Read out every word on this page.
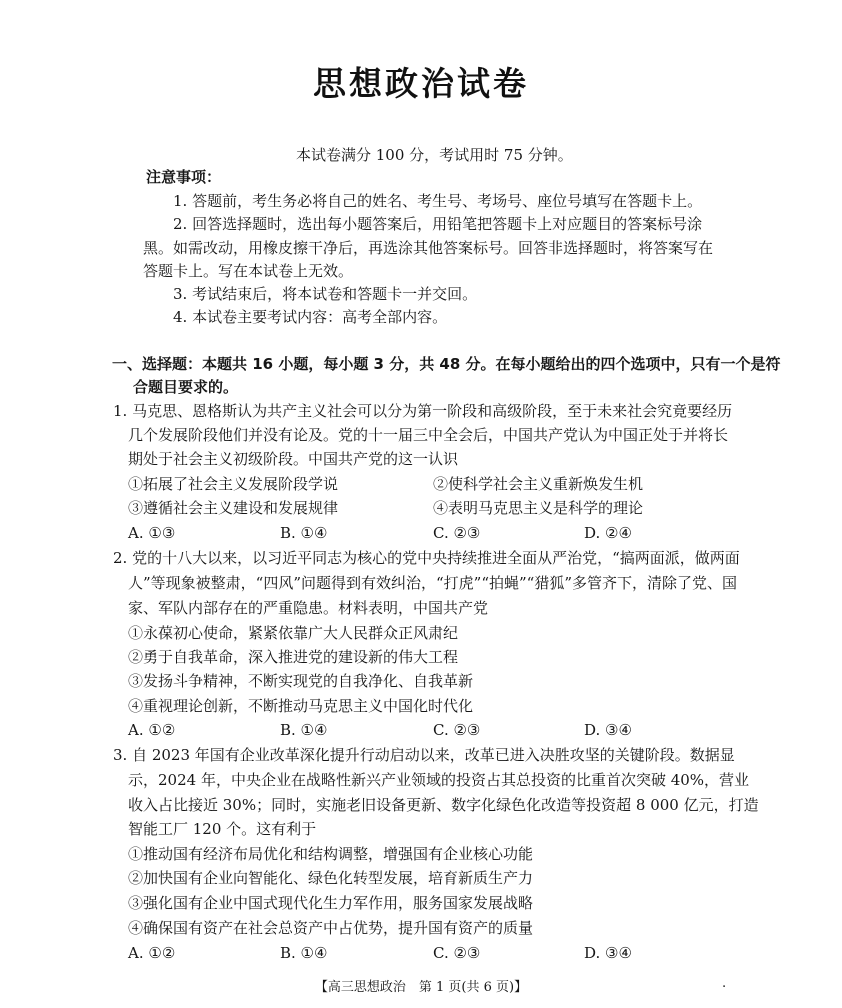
思想政治试卷
本试卷满分 100 分，考试用时 75 分钟。
注意事项：
1. 答题前，考生务必将自己的姓名、考生号、考场号、座位号填写在答题卡上。
2. 回答选择题时，选出每小题答案后，用铅笔把答题卡上对应题目的答案标号涂
黑。如需改动，用橡皮擦干净后，再选涂其他答案标号。回答非选择题时，将答案写在
答题卡上。写在本试卷上无效。
3. 考试结束后，将本试卷和答题卡一并交回。
4. 本试卷主要考试内容：高考全部内容。
一、选择题：本题共 16 小题，每小题 3 分，共 48 分。在每小题给出的四个选项中，只有一个是符
合题目要求的。
1. 马克思、恩格斯认为共产主义社会可以分为第一阶段和高级阶段，至于未来社会究竟要经历
几个发展阶段他们并没有论及。党的十一届三中全会后，中国共产党认为中国正处于并将长
期处于社会主义初级阶段。中国共产党的这一认识
①拓展了社会主义发展阶段学说	②使科学社会主义重新焕发生机
③遵循社会主义建设和发展规律	④表明马克思主义是科学的理论
A. ①③	B. ①④	C. ②③	D. ②④
2. 党的十八大以来，以习近平同志为核心的党中央持续推进全面从严治党，“搞两面派，做两面
人”等现象被整肃，“四风”问题得到有效纠治，“打虎”“拍蝇”“猎狐”多管齐下，清除了党、国
家、军队内部存在的严重隐患。材料表明，中国共产党
①永葆初心使命，紧紧依靠广大人民群众正风肃纪
②勇于自我革命，深入推进党的建设新的伟大工程
③发扬斗争精神，不断实现党的自我净化、自我革新
④重视理论创新，不断推动马克思主义中国化时代化
A. ①②	B. ①④	C. ②③	D. ③④
3. 自 2023 年国有企业改革深化提升行动启动以来，改革已进入决胜攻坚的关键阶段。数据显
示，2024 年，中央企业在战略性新兴产业领域的投资占其总投资的比重首次突破 40%，营业
收入占比接近 30%；同时，实施老旧设备更新、数字化绿色化改造等投资超 8 000 亿元，打造
智能工厂 120 个。这有利于
①推动国有经济布局优化和结构调整，增强国有企业核心功能
②加快国有企业向智能化、绿色化转型发展，培育新质生产力
③强化国有企业中国式现代化生力军作用，服务国家发展战略
④确保国有资产在社会总资产中占优势，提升国有资产的质量
A. ①②	B. ①④	C. ②③	D. ③④
【高三思想政治　第 1 页(共 6 页)】	.
